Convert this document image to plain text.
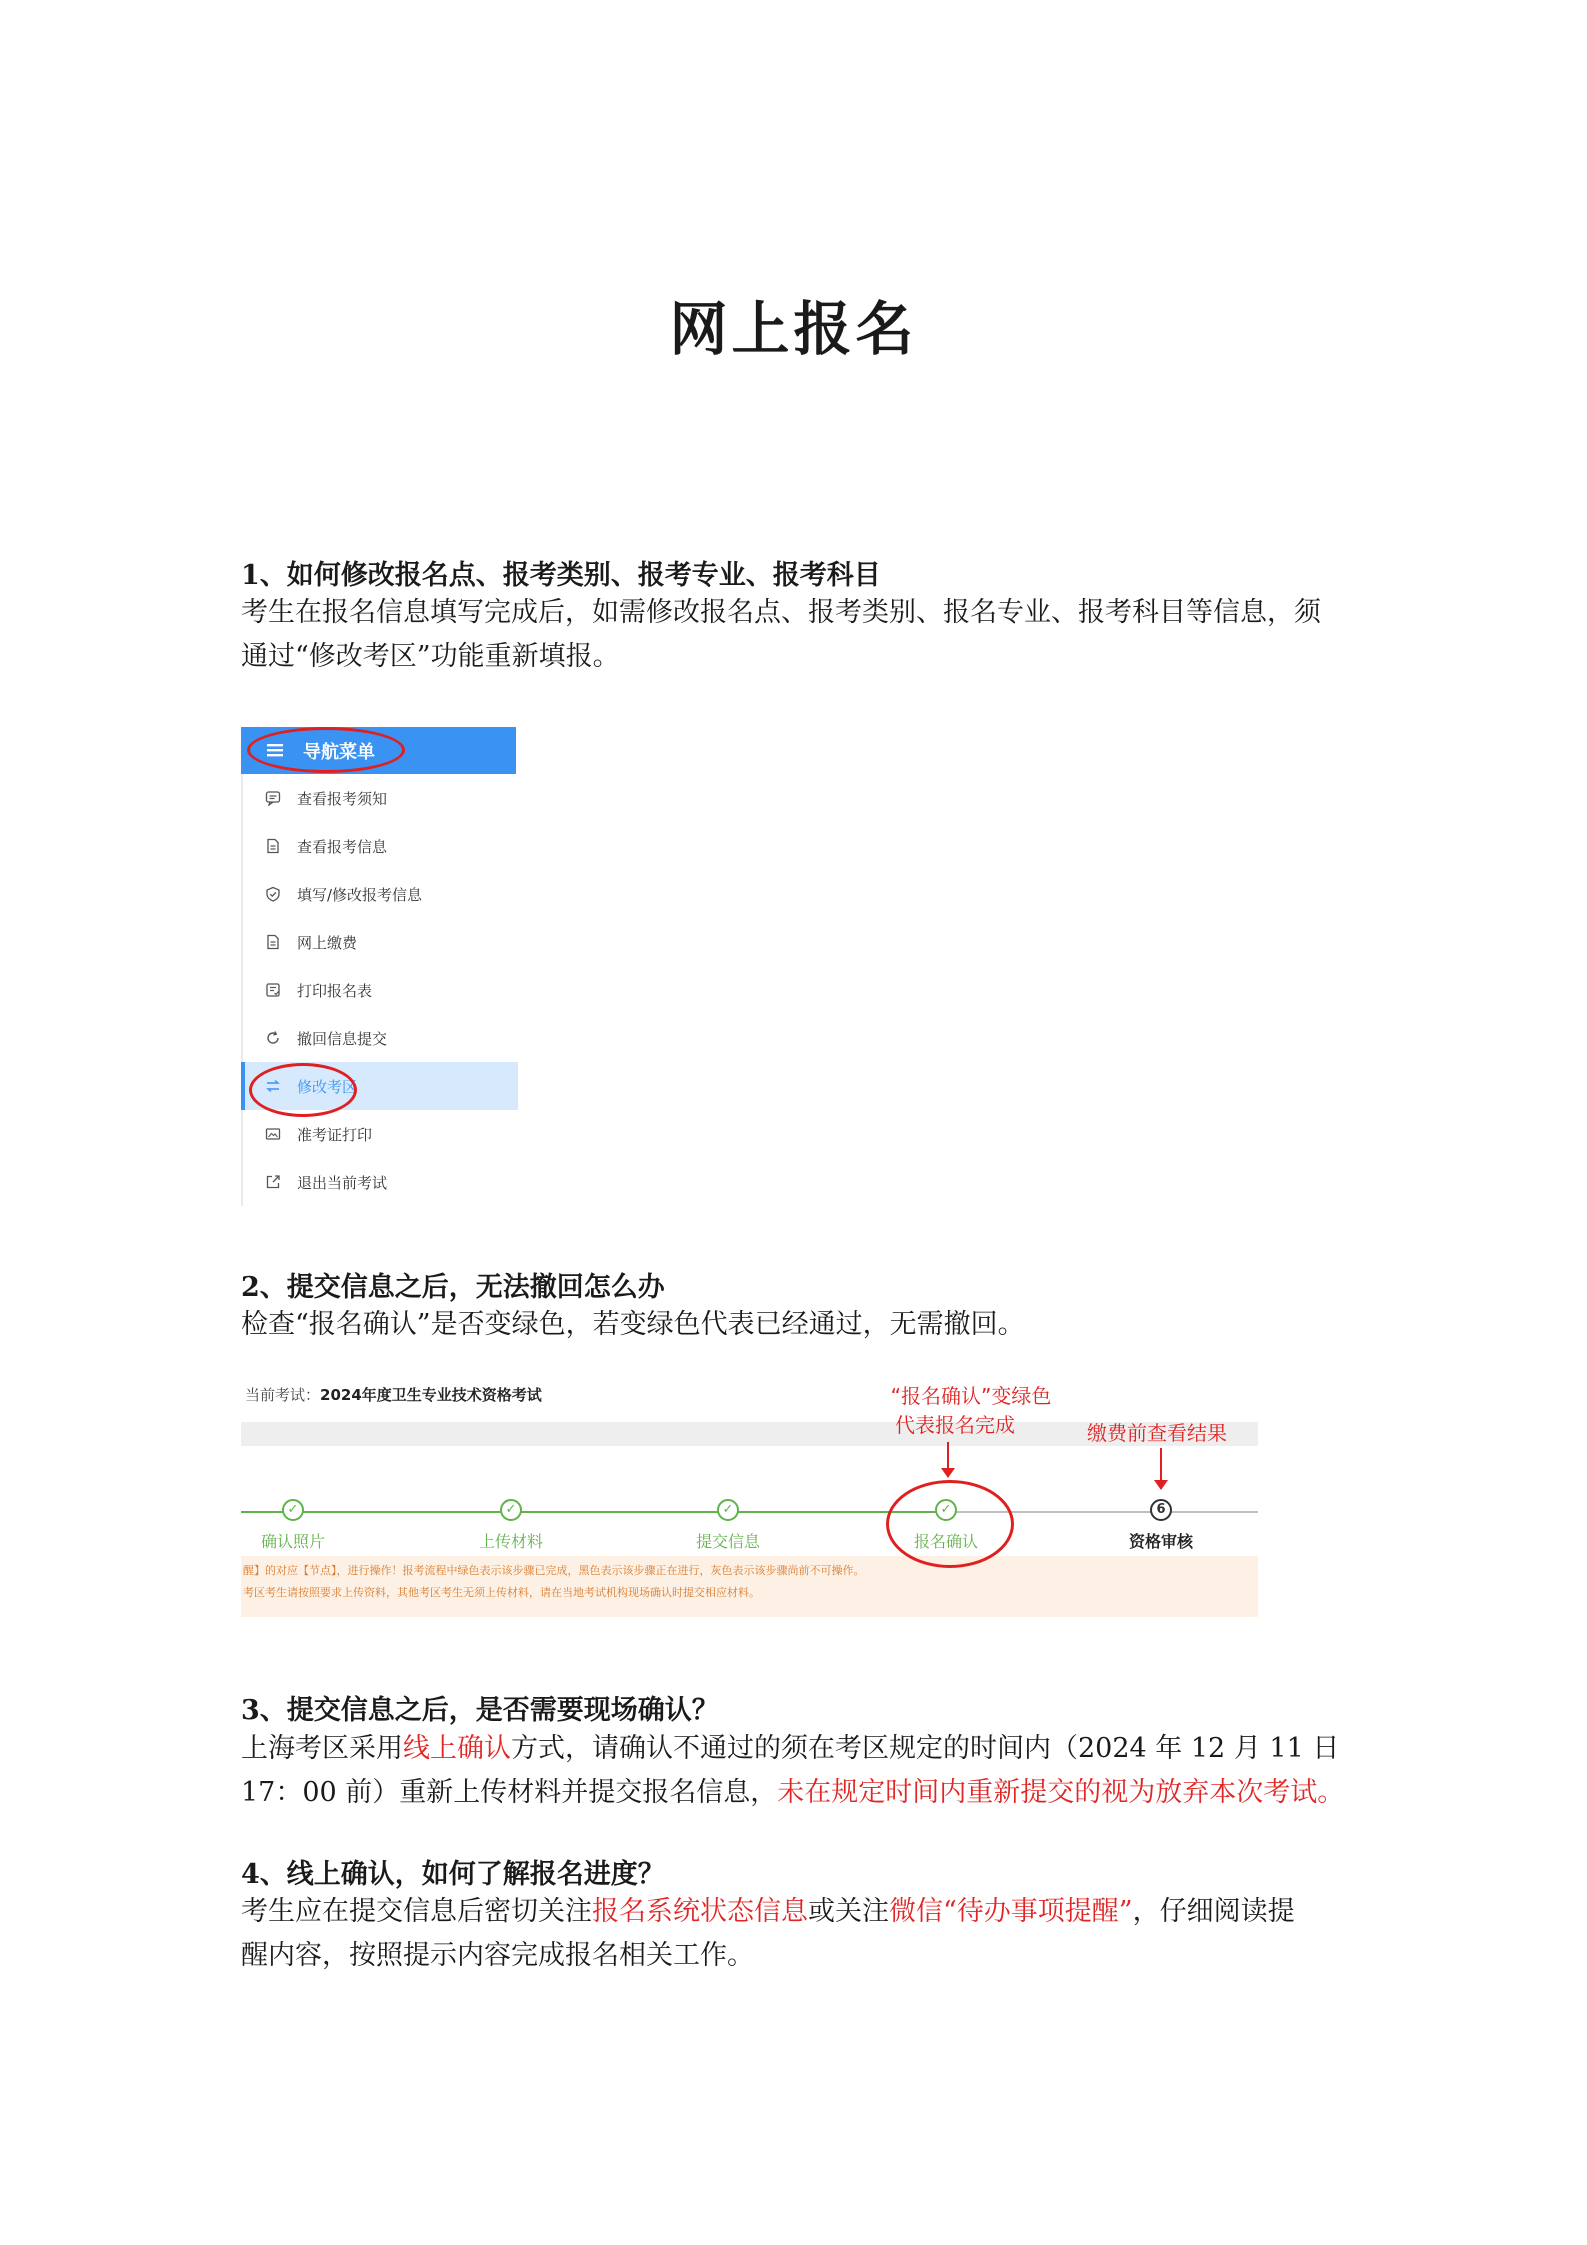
网上报名
1、如何修改报名点、报考类别、报考专业、报考科目
考生在报名信息填写完成后，如需修改报名点、报考类别、报名专业、报考科目等信息，须
通过“修改考区”功能重新填报。
导航菜单
查看报考须知
查看报考信息
填写/修改报考信息
网上缴费
打印报名表
撤回信息提交
修改考区
准考证打印
退出当前考试
2、提交信息之后，无法撤回怎么办
检查“报名确认”是否变绿色，若变绿色代表已经通过，无需撤回。
当前考试：2024年度卫生专业技术资格考试
✓
确认照片
✓
上传材料
✓
提交信息
✓
报名确认
6
资格审核
醒】的对应【节点】，进行操作！报考流程中绿色表示该步骤已完成，黑色表示该步骤正在进行，灰色表示该步骤尚前不可操作。
考区考生请按照要求上传资料，其他考区考生无须上传材料，请在当地考试机构现场确认时提交相应材料。
“报名确认”变绿色
代表报名完成	缴费前查看结果
3、提交信息之后，是否需要现场确认？
上海考区采用线上确认方式，请确认不通过的须在考区规定的时间内（2024 年 12 月 11 日
17：00 前）重新上传材料并提交报名信息，未在规定时间内重新提交的视为放弃本次考试。
4、线上确认，如何了解报名进度？
考生应在提交信息后密切关注报名系统状态信息或关注微信“待办事项提醒”，仔细阅读提
醒内容，按照提示内容完成报名相关工作。
